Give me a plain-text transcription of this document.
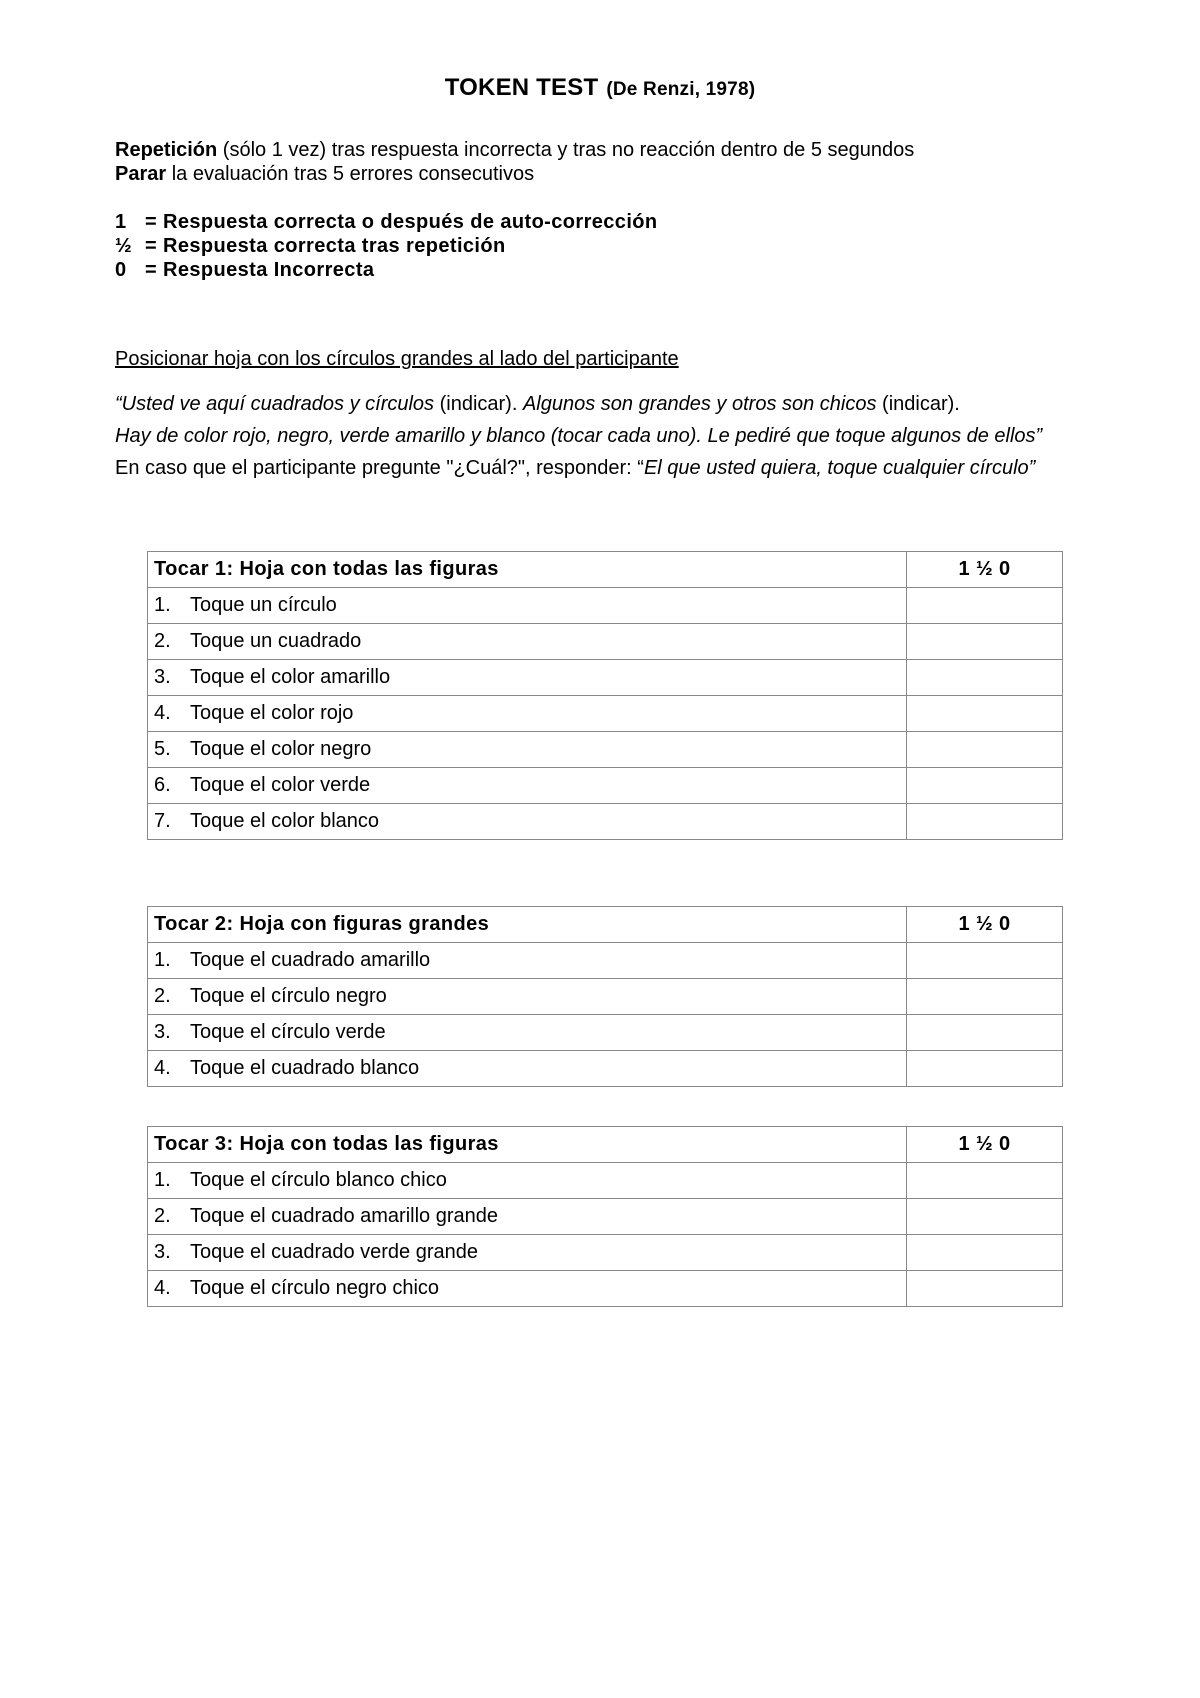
TOKEN TEST (De Renzi, 1978)
Repetición (sólo 1 vez) tras respuesta incorrecta y tras no reacción dentro de 5 segundos
Parar la evaluación tras 5 errores consecutivos
1 = Respuesta correcta o después de auto-corrección
½ = Respuesta correcta tras repetición
0 = Respuesta Incorrecta
Posicionar hoja con los círculos grandes al lado del participante
“Usted ve aquí cuadrados y círculos (indicar). Algunos son grandes y otros son chicos (indicar).
Hay de color rojo, negro, verde amarillo y blanco (tocar cada uno). Le pediré que toque algunos de ellos”
En caso que el participante pregunte "¿Cuál?", responder: “El que usted quiera, toque cualquier círculo”
Tocar 1: Hoja con todas las figuras	1 ½ 0
1. Toque un círculo	
2. Toque un cuadrado	
3. Toque el color amarillo	
4. Toque el color rojo	
5. Toque el color negro	
6. Toque el color verde	
7. Toque el color blanco	
Tocar 2: Hoja con figuras grandes	1 ½ 0
1. Toque el cuadrado amarillo	
2. Toque el círculo negro	
3. Toque el círculo verde	
4. Toque el cuadrado blanco	
Tocar 3: Hoja con todas las figuras	1 ½ 0
1. Toque el círculo blanco chico	
2. Toque el cuadrado amarillo grande	
3. Toque el cuadrado verde grande	
4. Toque el círculo negro chico	
